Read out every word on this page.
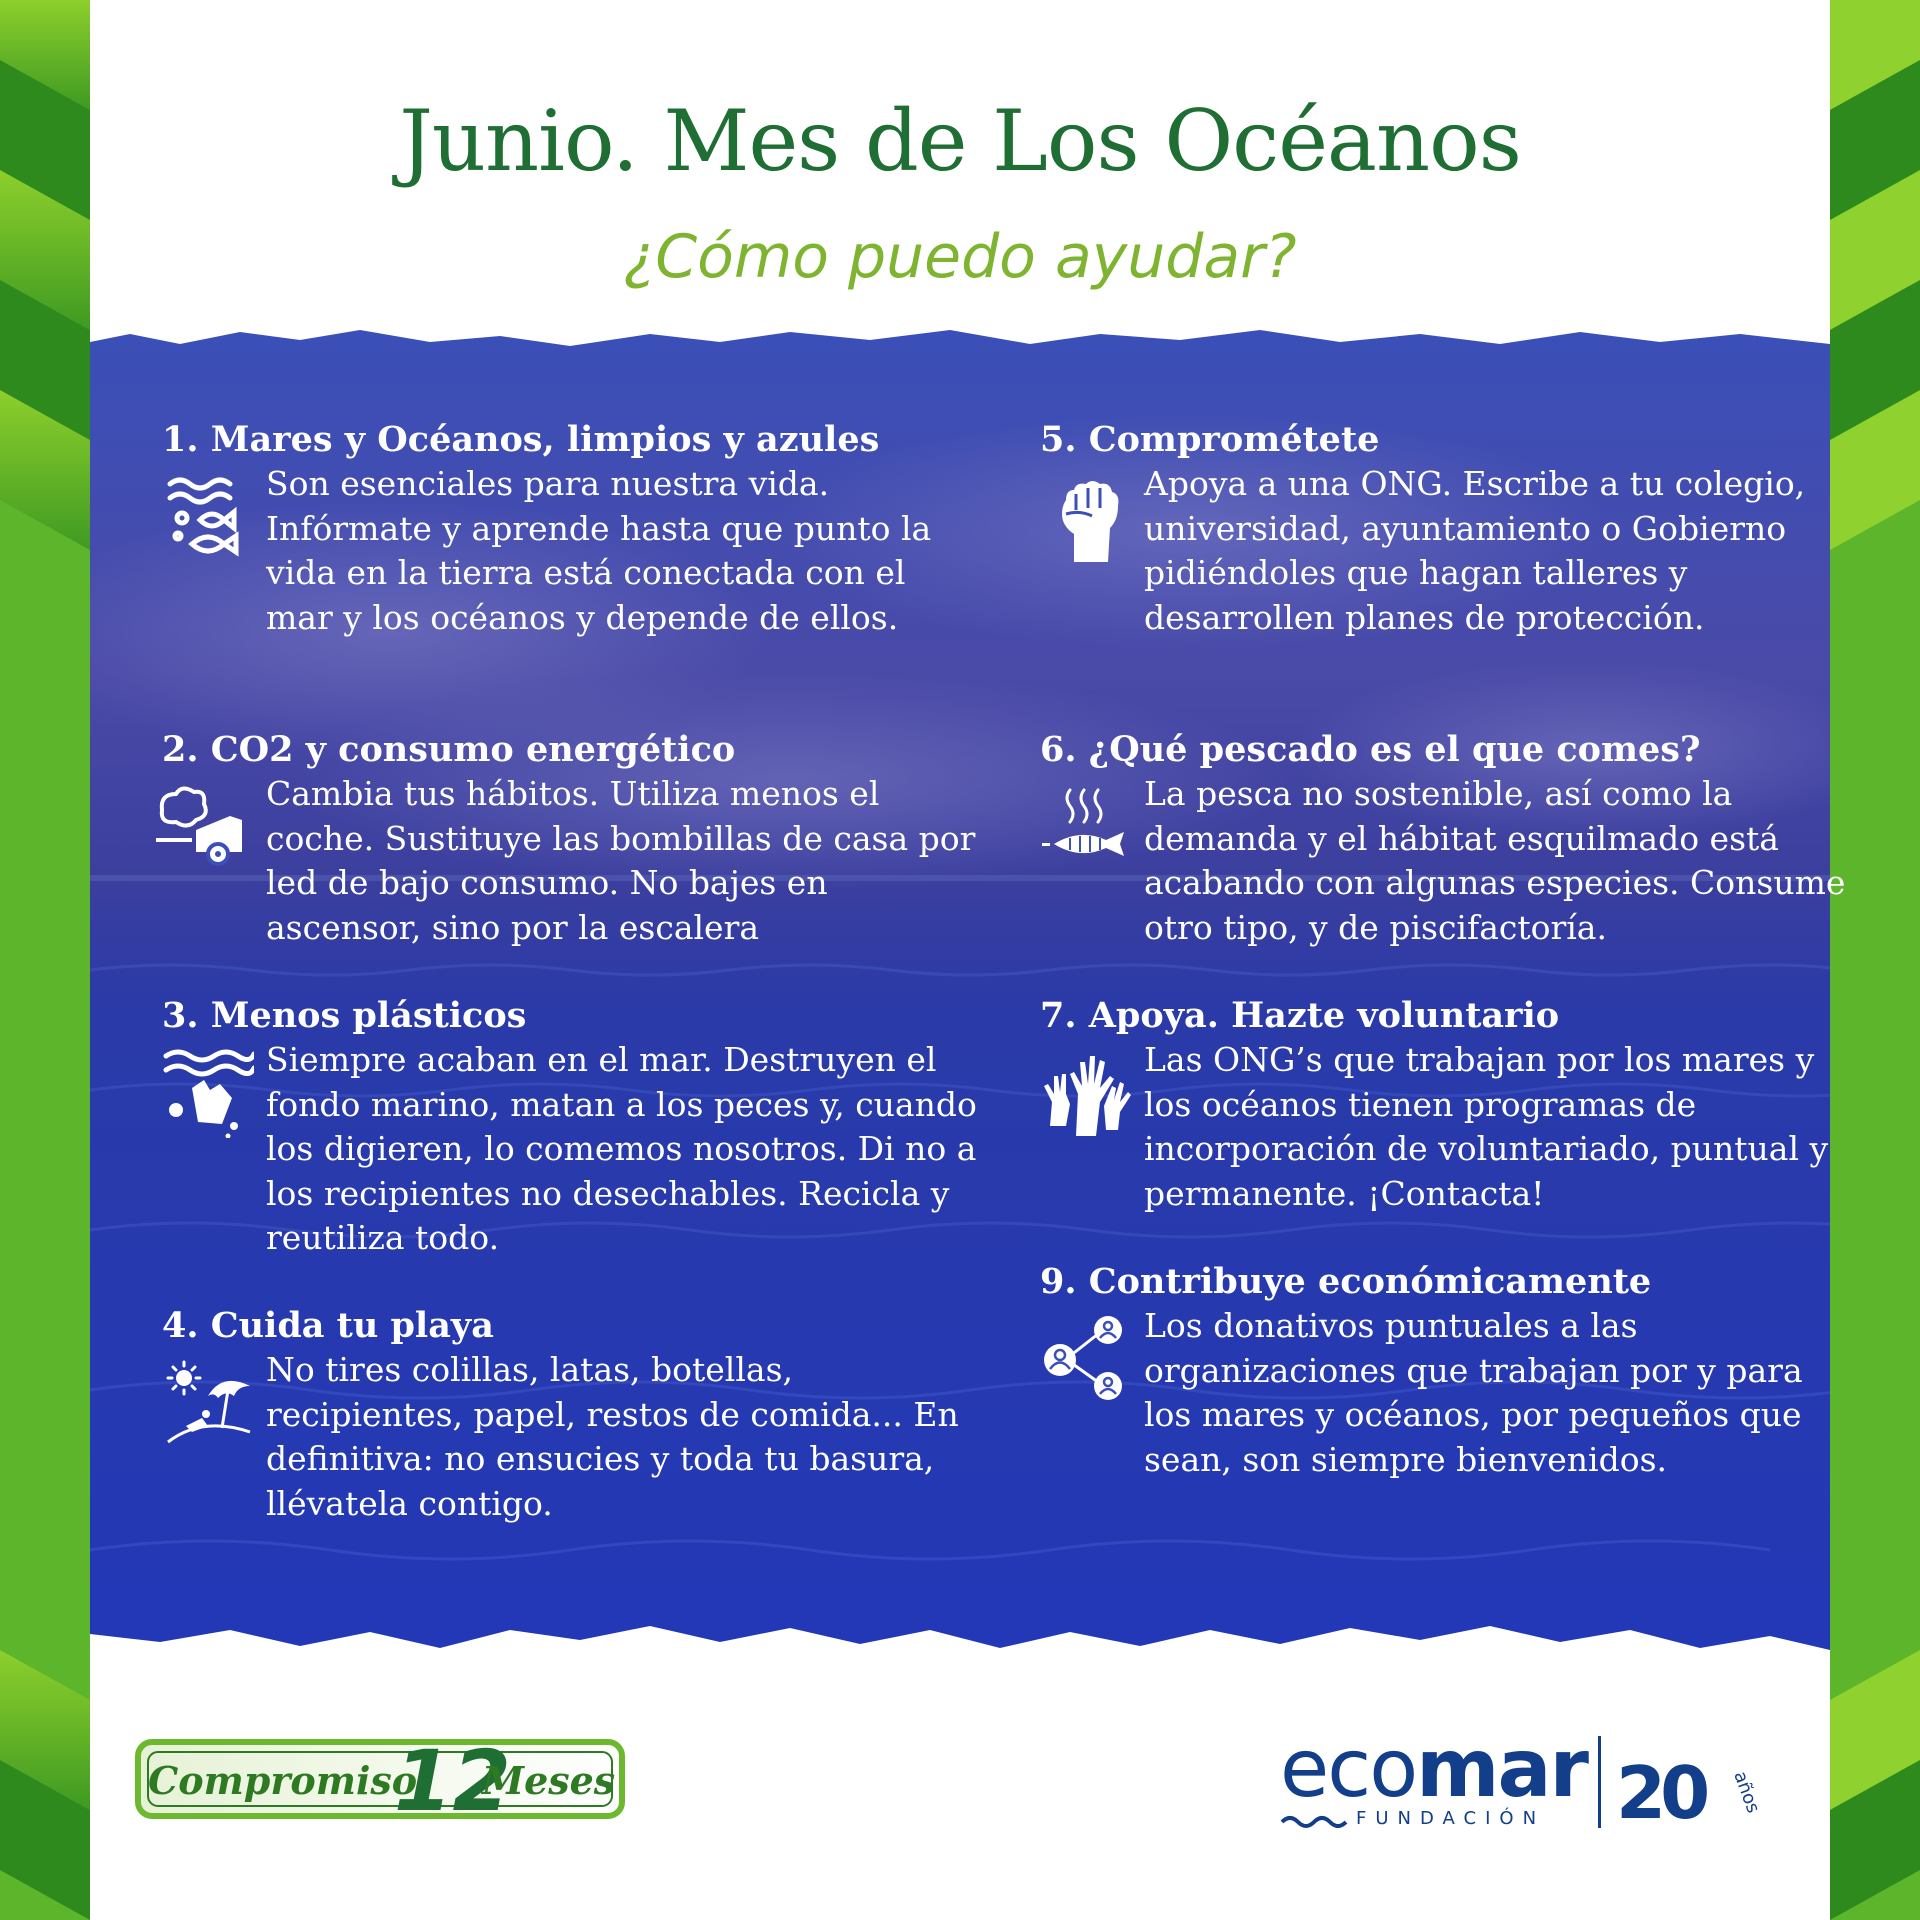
Junio. Mes de Los Océanos
¿Cómo puedo ayudar?

1. Mares y Océanos, limpios y azules

Son esenciales para nuestra vida. Infórmate y aprende hasta que punto la vida en la tierra está conectada con el mar y los océanos y depende de ellos.

2. CO2 y consumo energético

Cambia tus hábitos. Utiliza menos el coche. Sustituye las bombillas de casa por led de bajo consumo. No bajes en ascensor, sino por la escalera

3. Menos plásticos

Siempre acaban en el mar. Destruyen el fondo marino, matan a los peces y, cuando los digieren, lo comemos nosotros. Di no a los recipientes no desechables. Recicla y reutiliza todo.

4. Cuida tu playa

No tires colillas, latas, botellas, recipientes, papel, restos de comida... En definitiva: no ensucies y toda tu basura, llévatela contigo.

5. Comprométete

Apoya a una ONG. Escribe a tu colegio, universidad, ayuntamiento o Gobierno pidiéndoles que hagan talleres y desarrollen planes de protección.

6. ¿Qué pescado es el que comes?

La pesca no sostenible, así como la demanda y el hábitat esquilmado está acabando con algunas especies. Consume otro tipo, y de piscifactoría.

7. Apoya. Hazte voluntario

Las ONG’s que trabajan por los mares y los océanos tienen programas de incorporación de voluntariado, puntual y permanente. ¡Contacta!

9. Contribuye económicamente

Los donativos puntuales a las organizaciones que trabajan por y para los mares y océanos, por pequeños que sean, son siempre bienvenidos.

Compromiso
12
Meses	ecomar
FUNDACIÓN 20 años
